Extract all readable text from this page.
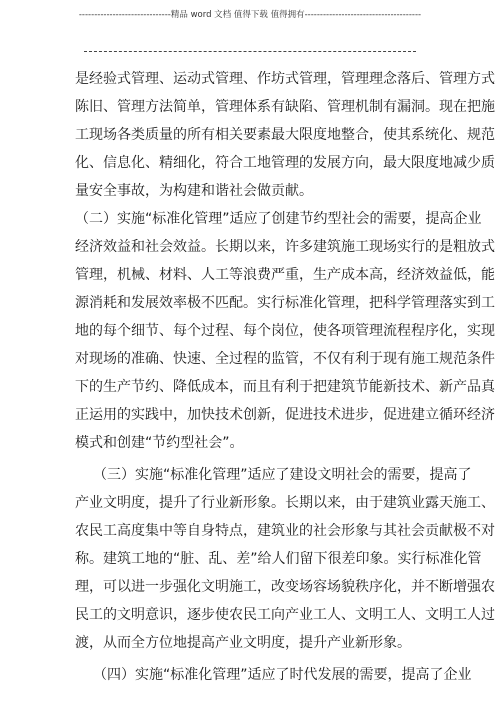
------------------------------精品 word 文档 值得下载 值得拥有--------------------------------------
是经验式管理、运动式管理、作坊式管理，管理理念落后、管理方式
陈旧、管理方法简单，管理体系有缺陷、管理机制有漏洞。现在把施
工现场各类质量的所有相关要素最大限度地整合，使其系统化、规范
化、信息化、精细化，符合工地管理的发展方向，最大限度地减少质
量安全事故，为构建和谐社会做贡献。
（二）实施“标准化管理”适应了创建节约型社会的需要，提高企业
经济效益和社会效益。长期以来，许多建筑施工现场实行的是粗放式
管理，机械、材料、人工等浪费严重，生产成本高，经济效益低，能
源消耗和发展效率极不匹配。实行标准化管理，把科学管理落实到工
地的每个细节、每个过程、每个岗位，使各项管理流程程序化，实现
对现场的准确、快速、全过程的监管，不仅有利于现有施工规范条件
下的生产节约、降低成本，而且有利于把建筑节能新技术、新产品真
正运用的实践中，加快技术创新，促进技术进步，促进建立循环经济
模式和创建“节约型社会”。
（三）实施“标准化管理”适应了建设文明社会的需要，提高了
产业文明度，提升了行业新形象。长期以来，由于建筑业露天施工、
农民工高度集中等自身特点，建筑业的社会形象与其社会贡献极不对
称。建筑工地的“脏、乱、差”给人们留下很差印象。实行标准化管
理，可以进一步强化文明施工，改变场容场貌秩序化，并不断增强农
民工的文明意识，逐步使农民工向产业工人、文明工人、文明工人过
渡，从而全方位地提高产业文明度，提升产业新形象。
（四）实施“标准化管理”适应了时代发展的需要，提高了企业
